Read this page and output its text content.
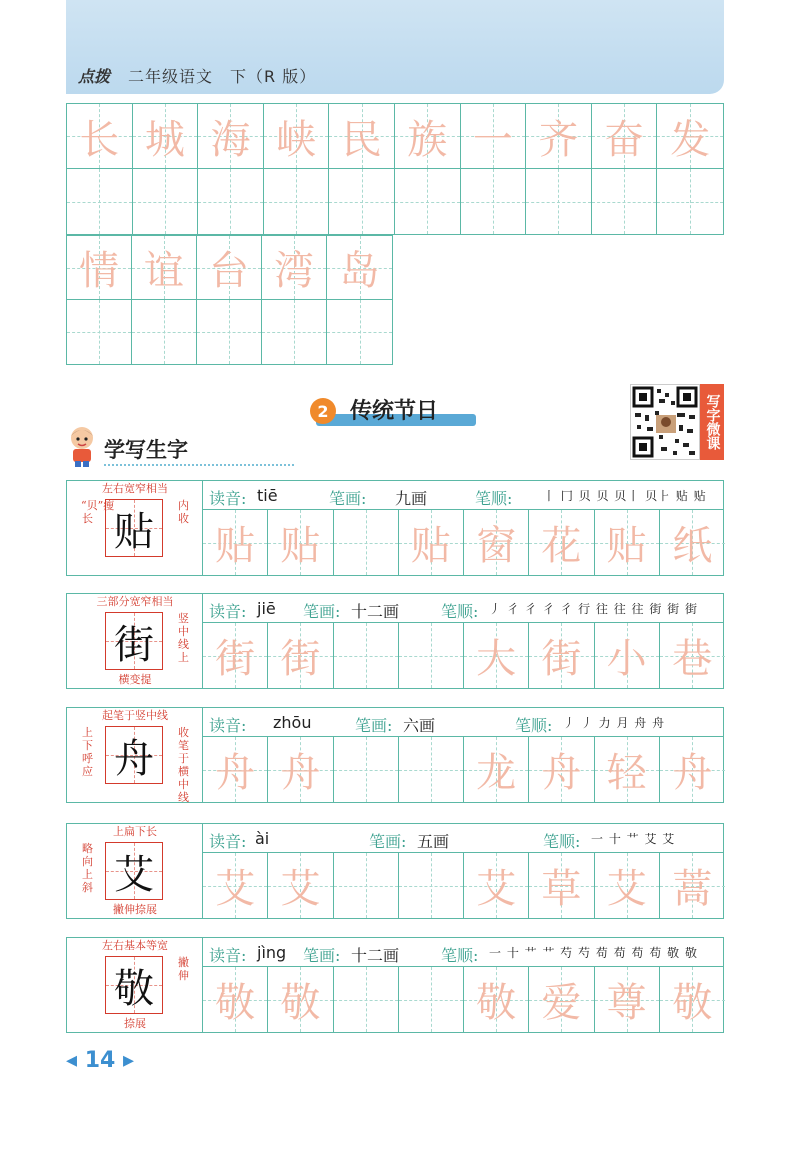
点拨 二年级语文　下（R 版）
长 城 海 峡 民 族 一 齐 奋 发
情 谊 台 湾 岛
2 传统节日	写字微课
学写生字
贴
左右宽窄相当
“贝”瘦长
内收
读音: tiē	笔画: 九画	笔顺:	丨 冂 贝 贝 贝丨 贝⺊ 贴 贴
贴 贴	贴 窗 花 贴 纸
街
三部分宽窄相当
竖中线上
横变提
读音: jiē 笔画: 十二画	笔顺: 丿 彳 彳 彳 彳 行 往 往 往 街 街 街
街 街	大 街 小 巷
舟
起笔于竖中线
上下呼应
收笔于横中线
读音: zhōu	笔画: 六画	笔顺: 丿 丿 力 月 舟 舟
舟 舟	龙 舟 轻 舟
艾
上扁下长
略向上斜
撇伸捺展
读音: ài	笔画: 五画	笔顺: 一 十 艹 艾 艾
艾 艾	艾 草 艾 蒿
敬
左右基本等宽
撇伸
捺展
读音: jìng 笔画: 十二画	笔顺: 一 十 艹 艹 芍 芍 苟 苟 苟 苟 敬 敬
敬 敬	敬 爱 尊 敬
◂ 14 ▸
